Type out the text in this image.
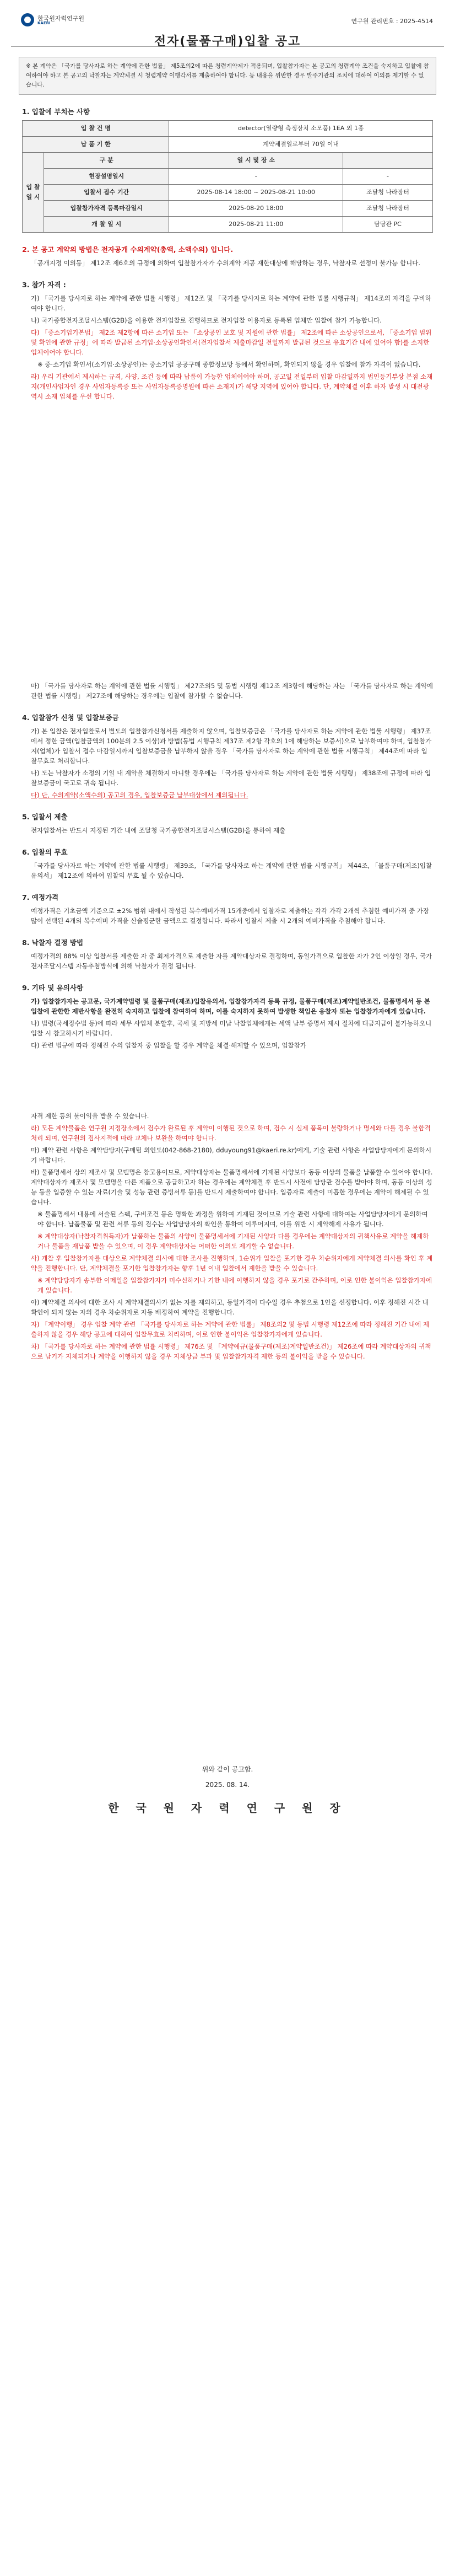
한국원자력연구원
KAERI	연구원 관리번호 : 2025-4514
전자(물품구매)입찰 공고
※ 본 계약은 「국가를 당사자로 하는 계약에 관한 법률」 제5조의2에 따른 청렴계약제가 적용되며, 입찰참가자는 본 공고의 청렴계약 조건을 숙지하고 입찰에 참여하여야 하고 본 공고의 낙찰자는 계약체결 시 청렴계약 이행각서를 제출하여야 합니다. 등 내용을 위반한 경우 발주기관의 조치에 대하여 이의를 제기할 수 없습니다.
1. 입찰에 부치는 사항
입 찰 건 명		detector(열량형 측정장치 소모품) 1EA 외 1종	
납 품 기 한		계약체결일로부터 70일 이내	
입 찰 일 시	구 분	일 시 및 장 소	
	현장설명일시	-	-
	입찰서 접수 기간	2025-08-14 18:00 ~ 2025-08-21 10:00	조달청 나라장터
	입찰참가자격 등록마감일시	2025-08-20 18:00	조달청 나라장터
	개 찰 일 시	2025-08-21 11:00	담당관 PC
2. 본 공고 계약의 방법은 전자공개 수의계약(총액, 소액수의) 입니다.

「공개지정 이의등」 제12조 제6호의 규정에 의하여 입찰참가자가 수의계약 제공 재한대상에 해당하는 경우, 낙찰자로 선정이 불가능 합니다.

3. 참가 자격 :

가) 「국가를 당사자로 하는 계약에 관한 법률 시행령」 제12조 및 「국가를 당사자로 하는 계약에 관한 법률 시행규칙」 제14조의 자격을 구비하여야 합니다.

나) 국가종합전자조달시스템(G2B)을 이용한 전자입찰로 진행하므로 전자입찰 이용자로 등록된 업체만 입찰에 참가 가능합니다.

다) 「중소기업기본법」 제2조 제2항에 따른 소기업 또는 「소상공인 보호 및 지원에 관한 법률」 제2조에 따른 소상공인으로서, 「중소기업 범위 및 확인에 관한 규정」에 따라 발급된 소기업·소상공인확인서(전자입찰서 제출마감일 전일까지 발급된 것으로 유효기간 내에 있어야 함)를 소지한 업체이어야 합니다.

※ 중·소기업 확인서(소기업·소상공인)는 중소기업 공공구매 종합정보망 등에서 확인하며, 확인되지 않을 경우 입찰에 참가 자격이 없습니다.

라) 우리 기관에서 제시하는 규격, 사양, 조건 등에 따라 납품이 가능한 업체이어야 하며, 공고일 전일부터 입찰 마감일까지 법인등기부상 본점 소재지(개인사업자인 경우 사업자등록증 또는 사업자등록증명원에 따른 소재지)가 해당 지역에 있어야 합니다. 단, 계약체결 이후 하자 발생 시 대전광역시 소재 업체를 우선 합니다.

마) 「국가를 당사자로 하는 계약에 관한 법률 시행령」 제27조의5 및 동법 시행령 제12조 제3항에 해당하는 자는 「국가를 당사자로 하는 계약에 관한 법률 시행령」 제27조에 해당하는 경우에는 입찰에 참가할 수 없습니다.

4. 입찰참가 신청 및 입찰보증금

가) 본 입찰은 전자입찰로서 별도의 입찰참가신청서를 제출하지 않으며, 입찰보증금은 「국가를 당사자로 하는 계약에 관한 법률 시행령」 제37조에서 정한 금액(입찰금액의 100분의 2.5 이상)과 방법(동법 시행규칙 제37조 제2항 각호의 1에 해당하는 보증서)으로 납부하여야 하며, 입찰참가지(업체)가 입찰서 접수 마감일시까지 입찰보증금을 납부하지 않을 경우 「국가를 당사자로 하는 계약에 관한 법률 시행규칙」 제44조에 따라 입찰무효로 처리합니다.

나) 도는 낙찰자가 소정의 기일 내 계약을 체결하지 아니할 경우에는 「국가를 당사자로 하는 계약에 관한 법률 시행령」 제38조에 규정에 따라 입찰보증금이 국고로 귀속 됩니다.

다) 단, 수의계약(소액수의) 공고의 경우, 입찰보증금 납부대상에서 제외됩니다.

5. 입찰서 제출

전자입찰서는 반드시 지정된 기간 내에 조달청 국가종합전자조달시스템(G2B)을 통하여 제출

6. 입찰의 무효

「국가를 당사자로 하는 계약에 관한 법률 시행령」 제39조, 「국가를 당사자로 하는 계약에 관한 법률 시행규칙」 제44조, 「물품구매(제조)입찰유의서」 제12조에 의하여 입찰의 무효 될 수 있습니다.

7. 예정가격

예정가격은 기초금액 기준으로 ±2% 범위 내에서 작성된 복수예비가격 15개중에서 입찰자로 제출하는 각각 가각 2개씩 추첨한 예비가격 중 가장 많이 선택된 4개의 복수예비 가격을 산술평균한 금액으로 결정합니다. 따라서 입찰서 제출 시 2개의 예비가격을 추첨해야 합니다.

8. 낙찰자 결정 방법

예정가격의 88% 이상 입찰서를 제출한 자 중 최저가격으로 제출한 자를 계약대상자로 결정하며, 동일가격으로 입찰한 자가 2인 이상일 경우, 국가전자조달시스템 자동추첨방식에 의해 낙찰자가 결정 됩니다.

9. 기타 및 유의사항

가) 입찰참가자는 공고문, 국가계약법령 및 물품구매(제조)입찰유의서, 입찰참가자격 등록 규정, 물품구매(제조)계약일반조건, 물품명세서 등 본 입찰에 관한한 제반사항을 완전히 숙지하고 입찰에 참여하여 하며, 이를 숙지하지 못하여 발생한 책임은 응찰자 또는 입찰참가자에게 있습니다.

나) 법령(국세징수법 등)에 따라 세무 사업체 분할후, 국세 및 지방세 미납 낙찰업체에게는 세액 납부 증명서 제시 절차에 대금지급이 불가능하오니 입찰 시 참고하시기 바랍니다.

다) 관련 법규에 따라 정해진 수의 입찰자 중 입찰을 할 경우 계약을 체결·해제할 수 있으며, 입찰참가

자격 제한 등의 불이익을 받을 수 있습니다.

라) 모든 계약물품은 연구원 지정장소에서 검수가 완료된 후 계약이 이행된 것으로 하며, 검수 시 실제 품목이 불량하거나 명세와 다를 경우 불합격 처리 되며, 연구원의 검사지적에 따라 교체나 보완을 하여야 합니다.

마) 계약 관련 사항은 계약담당자(구매팀 외인도(042-868-2180), dduyoung91@kaeri.re.kr)에게, 기술 관련 사항은 사업담당자에게 문의하시기 바랍니다.

바) 물품명세서 상의 제조사 및 모델명은 참고용이므로, 계약대상자는 물품명세서에 기재된 사양보다 동등 이상의 물품을 납품할 수 있어야 합니다. 계약대상자가 제조사 및 모델명을 다른 제품으로 공급하고자 하는 경우에는 계약체결 후 반드시 사전에 담당관 검수를 받아야 하며, 동등 이상의 성능 등을 입증할 수 있는 자료(기술 및 성능 관련 증빙서류 등)를 반드시 제출하여야 합니다. 입증자료 제출이 미흡한 경우에는 계약이 해제될 수 있습니다.

※ 물품명세서 내용에 서술된 스펙, 구비조건 등은 명확한 과정을 위하여 기재된 것이므로 기술 관련 사항에 대하여는 사업담당자에게 문의하여야 합니다. 납품물품 및 관련 서류 등의 검수는 사업담당자의 확인을 통하여 이루어지며, 이를 위반 시 계약해제 사유가 됩니다.

※ 계약대상자(낙찰자격취득자)가 납품하는 물품의 사양이 물품명세서에 기재된 사양과 다를 경우에는 계약대상자의 귀책사유로 계약을 해제하거나 물품을 재납품 받을 수 있으며, 이 경우 계약대상자는 어떠한 이의도 제기할 수 없습니다.

사) 개찰 후 입찰참가자를 대상으로 계약체결 의사에 대한 조사를 진행하며, 1순위가 입찰을 포기한 경우 차순위자에게 계약체결 의사를 확인 후 계약을 진행합니다. 단, 계약체결을 포기한 입찰참가자는 향후 1년 이내 입찰에서 제한을 받을 수 있습니다.

※ 계약담당자가 송부한 이메일을 입찰참가자가 미수신하거나 기한 내에 이행하지 않을 경우 포기로 간주하며, 이로 인한 불이익은 입찰참가자에게 있습니다.

아) 계약체결 의사에 대한 조사 시 계약체결의사가 없는 자를 제외하고, 동일가격이 다수일 경우 추첨으로 1인을 선정합니다. 이후 정해진 시간 내 확인이 되지 않는 자의 경우 차순위자로 자동 배정하여 계약을 진행합니다.

자) 「계약이행」 경우 입찰 계약 관련 「국가를 당사자로 하는 계약에 관한 법률」 제8조의2 및 동법 시행령 제12조에 따라 정해진 기간 내에 제출하지 않을 경우 해당 공고에 대하여 입찰무효로 처리하며, 이로 인한 불이익은 입찰참가자에게 있습니다.

차) 「국가를 당사자로 하는 계약에 관한 법률 시행령」 제76조 및 「계약예규(물품구매(제조)계약일반조건)」 제26조에 따라 계약대상자의 귀책으로 납기가 지체되거나 계약을 이행하지 않을 경우 지체상금 부과 및 입찰참가자격 제한 등의 불이익을 받을 수 있습니다.

위와 같이 공고함.
2025. 08. 14.
한 국 원 자 력 연 구 원 장
